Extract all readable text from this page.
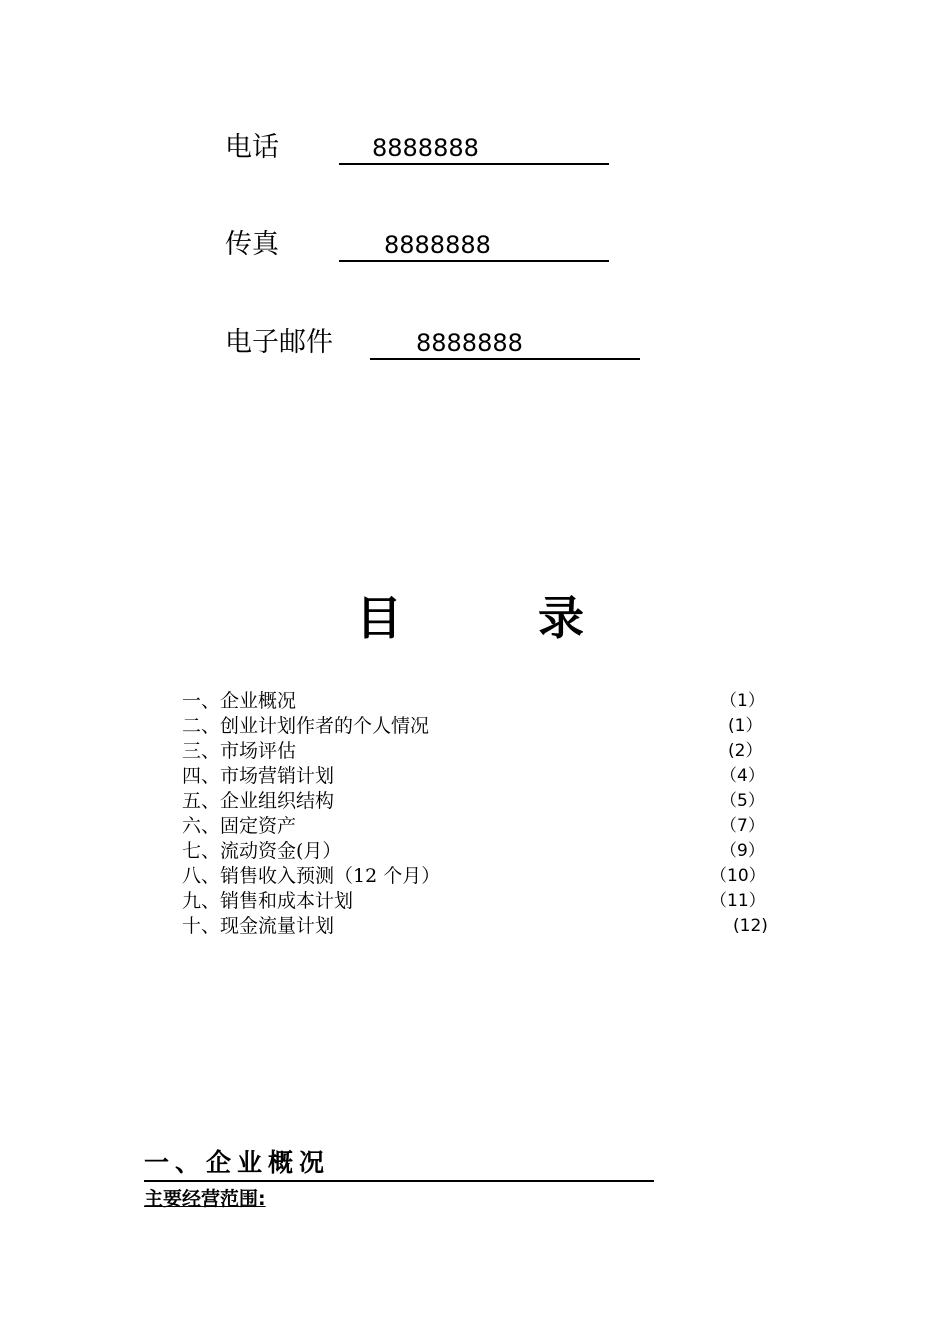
电话	8888888
传真	8888888
电子邮件	8888888
目	录
一、企业概况	（1）
二、创业计划作者的个人情况	(1）
三、市场评估	(2）
四、市场营销计划	（4）
五、企业组织结构	（5）
六、固定资产	（7）
七、流动资金(月）	（9）
八、销售收入预测（12 个月）	（10）
九、销售和成本计划	（11）
十、现金流量计划	(12)
一、企业概况
主要经营范围:
